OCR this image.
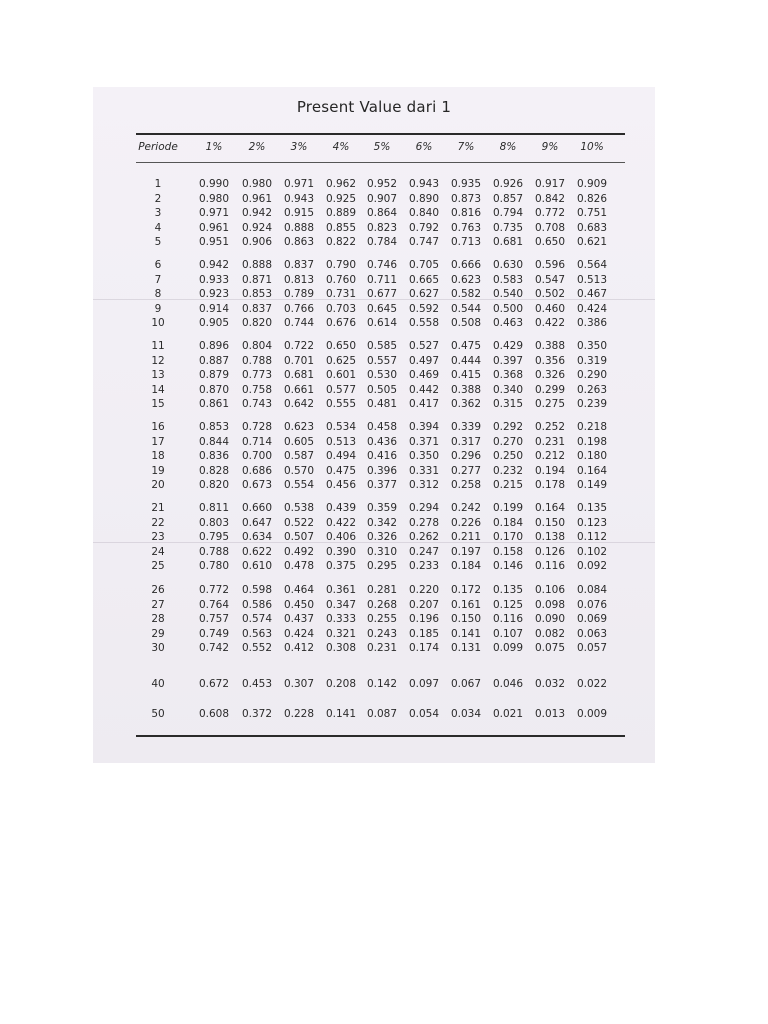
Present Value dari 1
Periode	1%	2%	3%	4%	5%	6%	7%	8%	9%	10%
1	0.990	0.980	0.971	0.962	0.952	0.943	0.935	0.926	0.917	0.909
2	0.980	0.961	0.943	0.925	0.907	0.890	0.873	0.857	0.842	0.826
3	0.971	0.942	0.915	0.889	0.864	0.840	0.816	0.794	0.772	0.751
4	0.961	0.924	0.888	0.855	0.823	0.792	0.763	0.735	0.708	0.683
5	0.951	0.906	0.863	0.822	0.784	0.747	0.713	0.681	0.650	0.621
6	0.942	0.888	0.837	0.790	0.746	0.705	0.666	0.630	0.596	0.564
7	0.933	0.871	0.813	0.760	0.711	0.665	0.623	0.583	0.547	0.513
8	0.923	0.853	0.789	0.731	0.677	0.627	0.582	0.540	0.502	0.467
9	0.914	0.837	0.766	0.703	0.645	0.592	0.544	0.500	0.460	0.424
10	0.905	0.820	0.744	0.676	0.614	0.558	0.508	0.463	0.422	0.386
11	0.896	0.804	0.722	0.650	0.585	0.527	0.475	0.429	0.388	0.350
12	0.887	0.788	0.701	0.625	0.557	0.497	0.444	0.397	0.356	0.319
13	0.879	0.773	0.681	0.601	0.530	0.469	0.415	0.368	0.326	0.290
14	0.870	0.758	0.661	0.577	0.505	0.442	0.388	0.340	0.299	0.263
15	0.861	0.743	0.642	0.555	0.481	0.417	0.362	0.315	0.275	0.239
16	0.853	0.728	0.623	0.534	0.458	0.394	0.339	0.292	0.252	0.218
17	0.844	0.714	0.605	0.513	0.436	0.371	0.317	0.270	0.231	0.198
18	0.836	0.700	0.587	0.494	0.416	0.350	0.296	0.250	0.212	0.180
19	0.828	0.686	0.570	0.475	0.396	0.331	0.277	0.232	0.194	0.164
20	0.820	0.673	0.554	0.456	0.377	0.312	0.258	0.215	0.178	0.149
21	0.811	0.660	0.538	0.439	0.359	0.294	0.242	0.199	0.164	0.135
22	0.803	0.647	0.522	0.422	0.342	0.278	0.226	0.184	0.150	0.123
23	0.795	0.634	0.507	0.406	0.326	0.262	0.211	0.170	0.138	0.112
24	0.788	0.622	0.492	0.390	0.310	0.247	0.197	0.158	0.126	0.102
25	0.780	0.610	0.478	0.375	0.295	0.233	0.184	0.146	0.116	0.092
26	0.772	0.598	0.464	0.361	0.281	0.220	0.172	0.135	0.106	0.084
27	0.764	0.586	0.450	0.347	0.268	0.207	0.161	0.125	0.098	0.076
28	0.757	0.574	0.437	0.333	0.255	0.196	0.150	0.116	0.090	0.069
29	0.749	0.563	0.424	0.321	0.243	0.185	0.141	0.107	0.082	0.063
30	0.742	0.552	0.412	0.308	0.231	0.174	0.131	0.099	0.075	0.057
40	0.672	0.453	0.307	0.208	0.142	0.097	0.067	0.046	0.032	0.022
50	0.608	0.372	0.228	0.141	0.087	0.054	0.034	0.021	0.013	0.009
